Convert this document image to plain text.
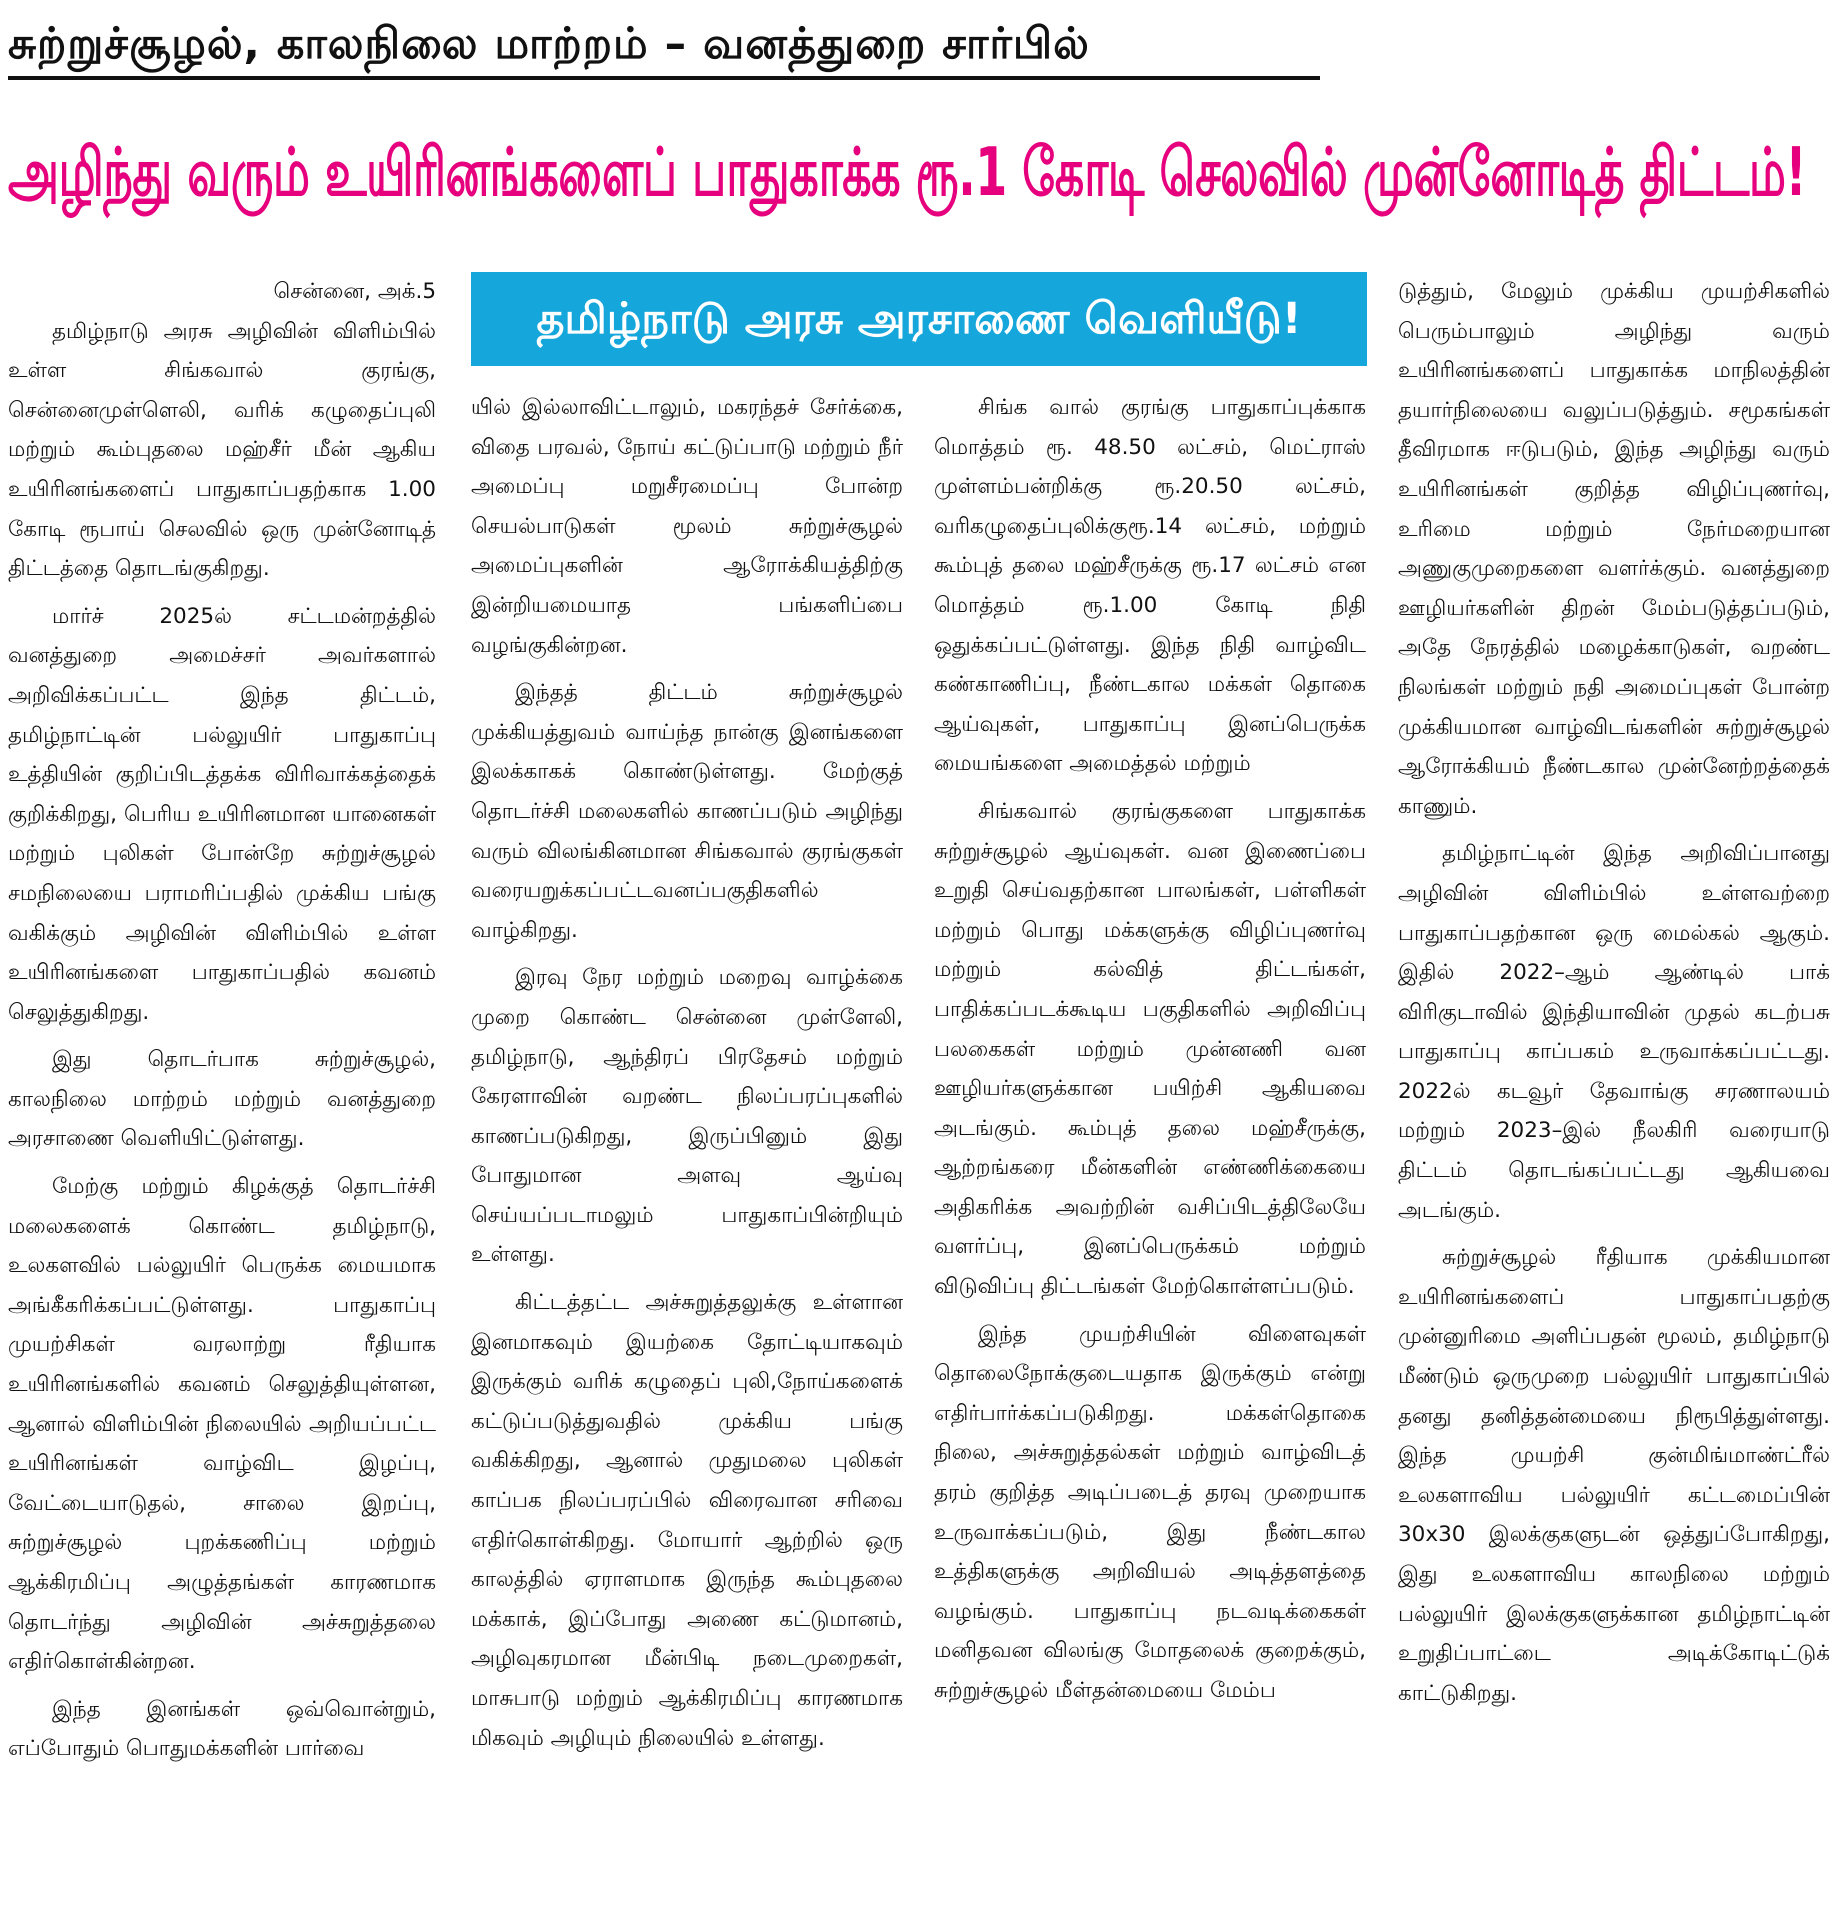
சுற்றுச்சூழல், காலநிலை மாற்றம் – வனத்துறை சார்பில்
அழிந்து வரும் உயிரினங்களைப் பாதுகாக்க ரூ.1 கோடி செலவில் முன்னோடித் திட்டம்!
தமிழ்நாடு அரசு அரசாணை வெளியீடு!

சென்னை, அக்.5

தமிழ்நாடு அரசு அழிவின் விளிம்பில் உள்ள சிங்கவால் குரங்கு, சென்னைமுள்ளெலி, வரிக் கழுதைப்புலி மற்றும் கூம்புதலை மஹ்சீர் மீன் ஆகிய உயிரினங்களைப் பாதுகாப்பதற்காக 1.00 கோடி ரூபாய் செலவில் ஒரு முன்னோடித் திட்டத்தை தொடங்குகிறது.

மார்ச் 2025ல் சட்டமன்றத்தில் வனத்துறை அமைச்சர் அவர்களால் அறிவிக்கப்பட்ட இந்த திட்டம், தமிழ்நாட்டின் பல்லுயிர் பாதுகாப்பு உத்தியின் குறிப்பிடத்தக்க விரிவாக்கத்தைக் குறிக்கிறது, பெரிய உயிரினமான யானைகள் மற்றும் புலிகள் போன்றே சுற்றுச்சூழல் சமநிலையை பராமரிப்பதில் முக்கிய பங்கு வகிக்கும் அழிவின் விளிம்பில் உள்ள உயிரினங்களை பாதுகாப்பதில் கவனம் செலுத்துகிறது.

இது தொடர்பாக சுற்றுச்சூழல், காலநிலை மாற்றம் மற்றும் வனத்துறை அரசாணை வெளியிட்டுள்ளது.

மேற்கு மற்றும் கிழக்குத் தொடர்ச்சி மலைகளைக் கொண்ட தமிழ்நாடு, உலகளவில் பல்லுயிர் பெருக்க மையமாக அங்கீகரிக்கப்பட்டுள்ளது. பாதுகாப்பு முயற்சிகள் வரலாற்று ரீதியாக உயிரினங்களில் கவனம் செலுத்தியுள்ளன, ஆனால் விளிம்பின் நிலையில் அறியப்பட்ட உயிரினங்கள் வாழ்விட இழப்பு, வேட்டையாடுதல், சாலை இறப்பு, சுற்றுச்சூழல் புறக்கணிப்பு மற்றும் ஆக்கிரமிப்பு அழுத்தங்கள் காரணமாக தொடர்ந்து அழிவின் அச்சுறுத்தலை எதிர்கொள்கின்றன.

இந்த இனங்கள் ஒவ்வொன்றும், எப்போதும் பொதுமக்களின் பார்வை

யில் இல்லாவிட்டாலும், மகரந்தச் சேர்க்கை, விதை பரவல், நோய் கட்டுப்பாடு மற்றும் நீர் அமைப்பு மறுசீரமைப்பு போன்ற செயல்பாடுகள் மூலம் சுற்றுச்சூழல் அமைப்புகளின் ஆரோக்கியத்திற்கு இன்றியமையாத பங்களிப்பை வழங்குகின்றன.

இந்தத் திட்டம் சுற்றுச்சூழல் முக்கியத்துவம் வாய்ந்த நான்கு இனங்களை இலக்காகக் கொண்டுள்ளது. மேற்குத் தொடர்ச்சி மலைகளில் காணப்படும் அழிந்து வரும் விலங்கினமான சிங்கவால் குரங்குகள் வரையறுக்கப்பட்டவனப்பகுதிகளில் வாழ்கிறது.

இரவு நேர மற்றும் மறைவு வாழ்க்கை முறை கொண்ட சென்னை முள்ளேலி, தமிழ்நாடு, ஆந்திரப் பிரதேசம் மற்றும் கேரளாவின் வறண்ட நிலப்பரப்புகளில் காணப்படுகிறது, இருப்பினும் இது போதுமான அளவு ஆய்வு செய்யப்படாமலும் பாதுகாப்பின்றியும் உள்ளது.

கிட்டத்தட்ட அச்சுறுத்தலுக்கு உள்ளான இனமாகவும் இயற்கை தோட்டியாகவும் இருக்கும் வரிக் கழுதைப் புலி,நோய்களைக் கட்டுப்படுத்துவதில் முக்கிய பங்கு வகிக்கிறது, ஆனால் முதுமலை புலிகள் காப்பக நிலப்பரப்பில் விரைவான சரிவை எதிர்கொள்கிறது. மோயார் ஆற்றில் ஒரு காலத்தில் ஏராளமாக இருந்த கூம்புதலை மக்காக், இப்போது அணை கட்டுமானம், அழிவுகரமான மீன்பிடி நடைமுறைகள், மாசுபாடு மற்றும் ஆக்கிரமிப்பு காரணமாக மிகவும் அழியும் நிலையில் உள்ளது.

சிங்க வால் குரங்கு பாதுகாப்புக்காக மொத்தம் ரூ. 48.50 லட்சம், மெட்ராஸ் முள்ளம்பன்றிக்கு ரூ.20.50 லட்சம், வரிகழுதைப்புலிக்குரூ.14 லட்சம், மற்றும் கூம்புத் தலை மஹ்சீருக்கு ரூ.17 லட்சம் என மொத்தம் ரூ.1.00 கோடி நிதி ஒதுக்கப்பட்டுள்ளது. இந்த நிதி வாழ்விட கண்காணிப்பு, நீண்டகால மக்கள் தொகை ஆய்வுகள், பாதுகாப்பு இனப்பெருக்க மையங்களை அமைத்தல் மற்றும்

சிங்கவால் குரங்குகளை பாதுகாக்க சுற்றுச்சூழல் ஆய்வுகள். வன இணைப்பை உறுதி செய்வதற்கான பாலங்கள், பள்ளிகள் மற்றும் பொது மக்களுக்கு விழிப்புணர்வு மற்றும் கல்வித் திட்டங்கள், பாதிக்கப்படக்கூடிய பகுதிகளில் அறிவிப்பு பலகைகள் மற்றும் முன்னணி வன ஊழியர்களுக்கான பயிற்சி ஆகியவை அடங்கும். கூம்புத் தலை மஹ்சீருக்கு, ஆற்றங்கரை மீன்களின் எண்ணிக்கையை அதிகரிக்க அவற்றின் வசிப்பிடத்திலேயே வளர்ப்பு, இனப்பெருக்கம் மற்றும் விடுவிப்பு திட்டங்கள் மேற்கொள்ளப்படும்.

இந்த முயற்சியின் விளைவுகள் தொலைநோக்குடையதாக இருக்கும் என்று எதிர்பார்க்கப்படுகிறது. மக்கள்தொகை நிலை, அச்சுறுத்தல்கள் மற்றும் வாழ்விடத் தரம் குறித்த அடிப்படைத் தரவு முறையாக உருவாக்கப்படும், இது நீண்டகால உத்திகளுக்கு அறிவியல் அடித்தளத்தை வழங்கும். பாதுகாப்பு நடவடிக்கைகள் மனிதவன விலங்கு மோதலைக் குறைக்கும், சுற்றுச்சூழல் மீள்தன்மையை மேம்ப

டுத்தும், மேலும் முக்கிய முயற்சிகளில் பெரும்பாலும் அழிந்து வரும் உயிரினங்களைப் பாதுகாக்க மாநிலத்தின் தயார்நிலையை வலுப்படுத்தும். சமூகங்கள் தீவிரமாக ஈடுபடும், இந்த அழிந்து வரும் உயிரினங்கள் குறித்த விழிப்புணர்வு, உரிமை மற்றும் நேர்மறையான அணுகுமுறைகளை வளர்க்கும். வனத்துறை ஊழியர்களின் திறன் மேம்படுத்தப்படும், அதே நேரத்தில் மழைக்காடுகள், வறண்ட நிலங்கள் மற்றும் நதி அமைப்புகள் போன்ற முக்கியமான வாழ்விடங்களின் சுற்றுச்சூழல் ஆரோக்கியம் நீண்டகால முன்னேற்றத்தைக் காணும்.

தமிழ்நாட்டின் இந்த அறிவிப்பானது அழிவின் விளிம்பில் உள்ளவற்றை பாதுகாப்பதற்கான ஒரு மைல்கல் ஆகும். இதில் 2022–ஆம் ஆண்டில் பாக் விரிகுடாவில் இந்தியாவின் முதல் கடற்பசு பாதுகாப்பு காப்பகம் உருவாக்கப்பட்டது. 2022ல் கடவூர் தேவாங்கு சரணாலயம் மற்றும் 2023–இல் நீலகிரி வரையாடு திட்டம் தொடங்கப்பட்டது ஆகியவை அடங்கும்.

சுற்றுச்சூழல் ரீதியாக முக்கியமான உயிரினங்களைப் பாதுகாப்பதற்கு முன்னுரிமை அளிப்பதன் மூலம், தமிழ்நாடு மீண்டும் ஒருமுறை பல்லுயிர் பாதுகாப்பில் தனது தனித்தன்மையை நிரூபித்துள்ளது. இந்த முயற்சி குன்மிங்மாண்ட்ரீல் உலகளாவிய பல்லுயிர் கட்டமைப்பின் 30x30 இலக்குகளுடன் ஒத்துப்போகிறது, இது உலகளாவிய காலநிலை மற்றும் பல்லுயிர் இலக்குகளுக்கான தமிழ்நாட்டின் உறுதிப்பாட்டை அடிக்கோடிட்டுக் காட்டுகிறது.
